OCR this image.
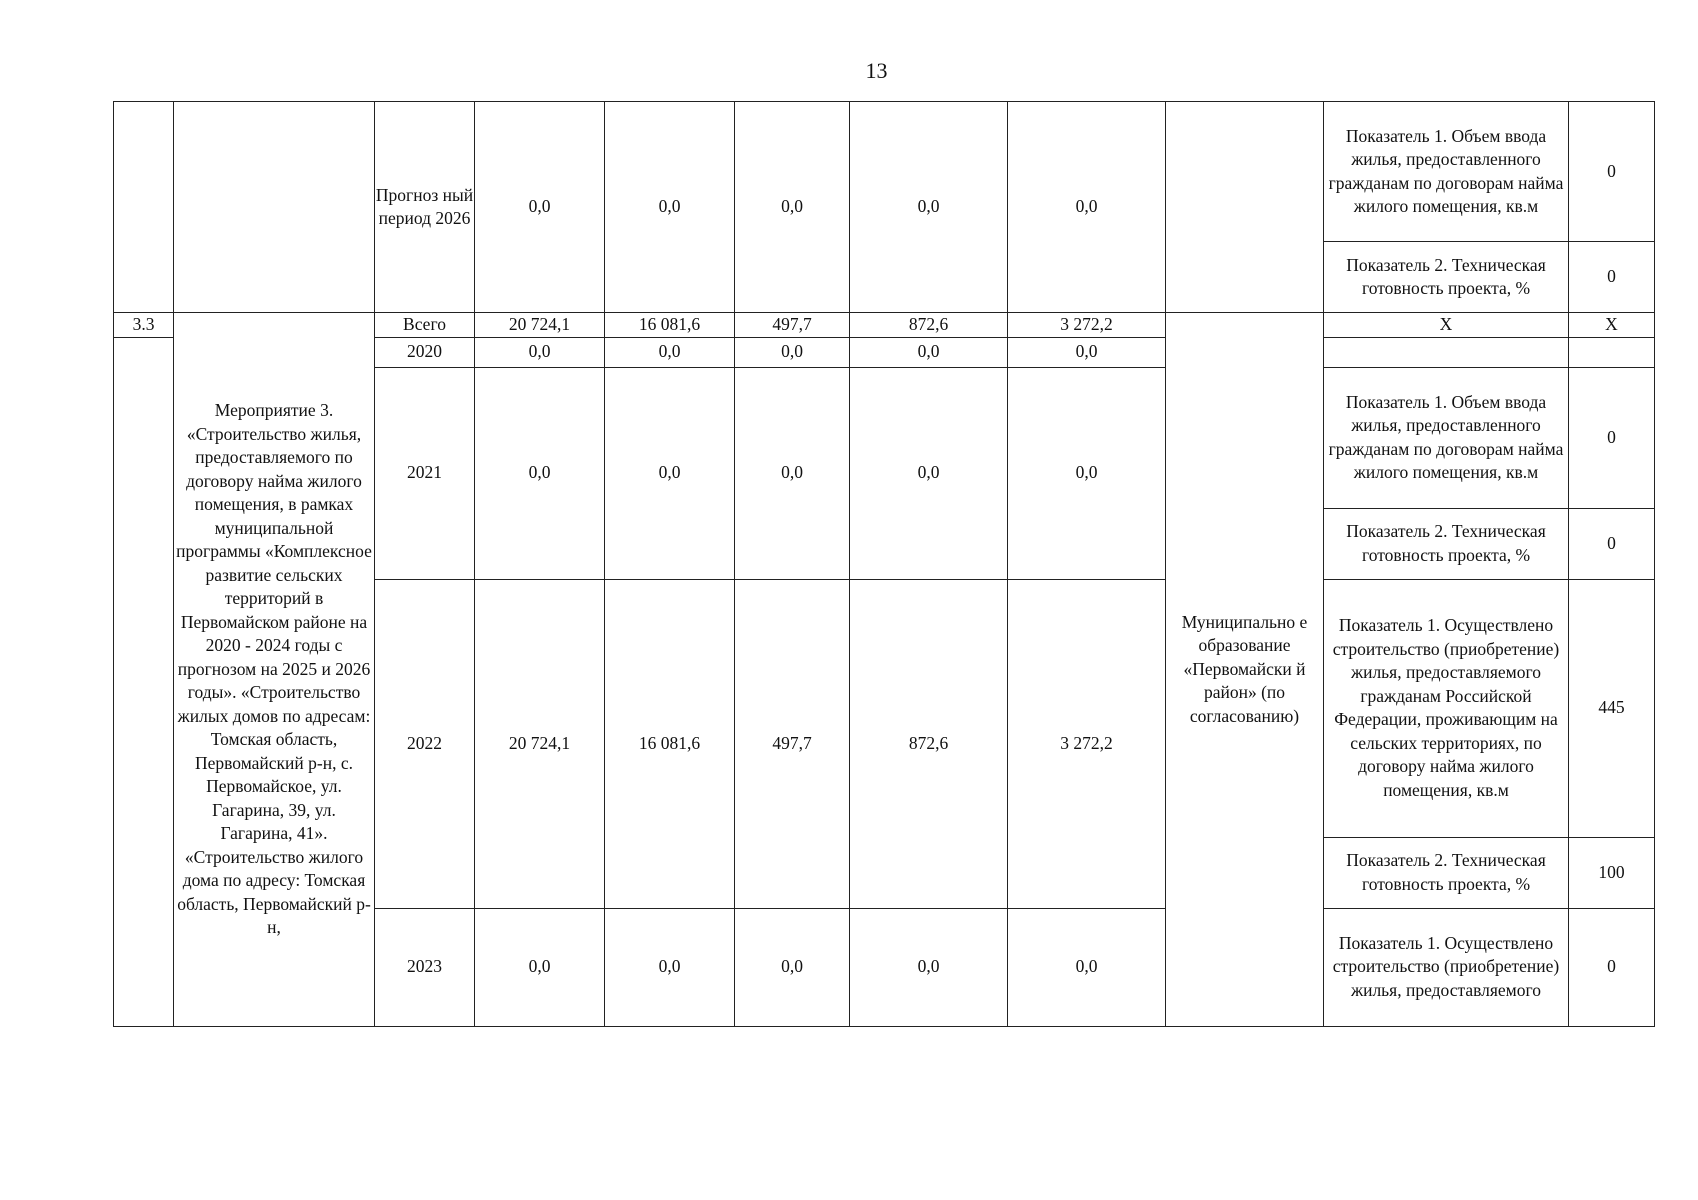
13
		Прогноз ный период 2026	0,0	0,0	0,0	0,0	0,0		Показатель 1. Объем ввода жилья, предоставленного гражданам по договорам найма жилого помещения, кв.м	0
									Показатель 2. Техническая готовность проекта, %	0
3.3	Мероприятие 3. «Строительство жилья, предоставляемого по договору найма жилого помещения, в рамках муниципальной программы «Комплексное развитие сельских территорий в Первомайском районе на 2020 - 2024 годы с прогнозом на 2025 и 2026 годы». «Строительство жилых домов по адресам: Томская область, Первомайский р-н, с. Первомайское, ул. Гагарина, 39, ул. Гагарина, 41». «Строительство жилого дома по адресу: Томская область, Первомайский р-н,	Всего	20 724,1	16 081,6	497,7	872,6	3 272,2	Муниципально е образование «Первомайски й район» (по согласованию)	Х	Х
		2020	0,0	0,0	0,0	0,0	0,0			
		2021	0,0	0,0	0,0	0,0	0,0		Показатель 1. Объем ввода жилья, предоставленного гражданам по договорам найма жилого помещения, кв.м	0
									Показатель 2. Техническая готовность проекта, %	0
		2022	20 724,1	16 081,6	497,7	872,6	3 272,2		Показатель 1. Осуществлено строительство (приобретение) жилья, предоставляемого гражданам Российской Федерации, проживающим на сельских территориях, по договору найма жилого помещения, кв.м	445
									Показатель 2. Техническая готовность проекта, %	100
		2023	0,0	0,0	0,0	0,0	0,0		Показатель 1. Осуществлено строительство (приобретение) жилья, предоставляемого	0
